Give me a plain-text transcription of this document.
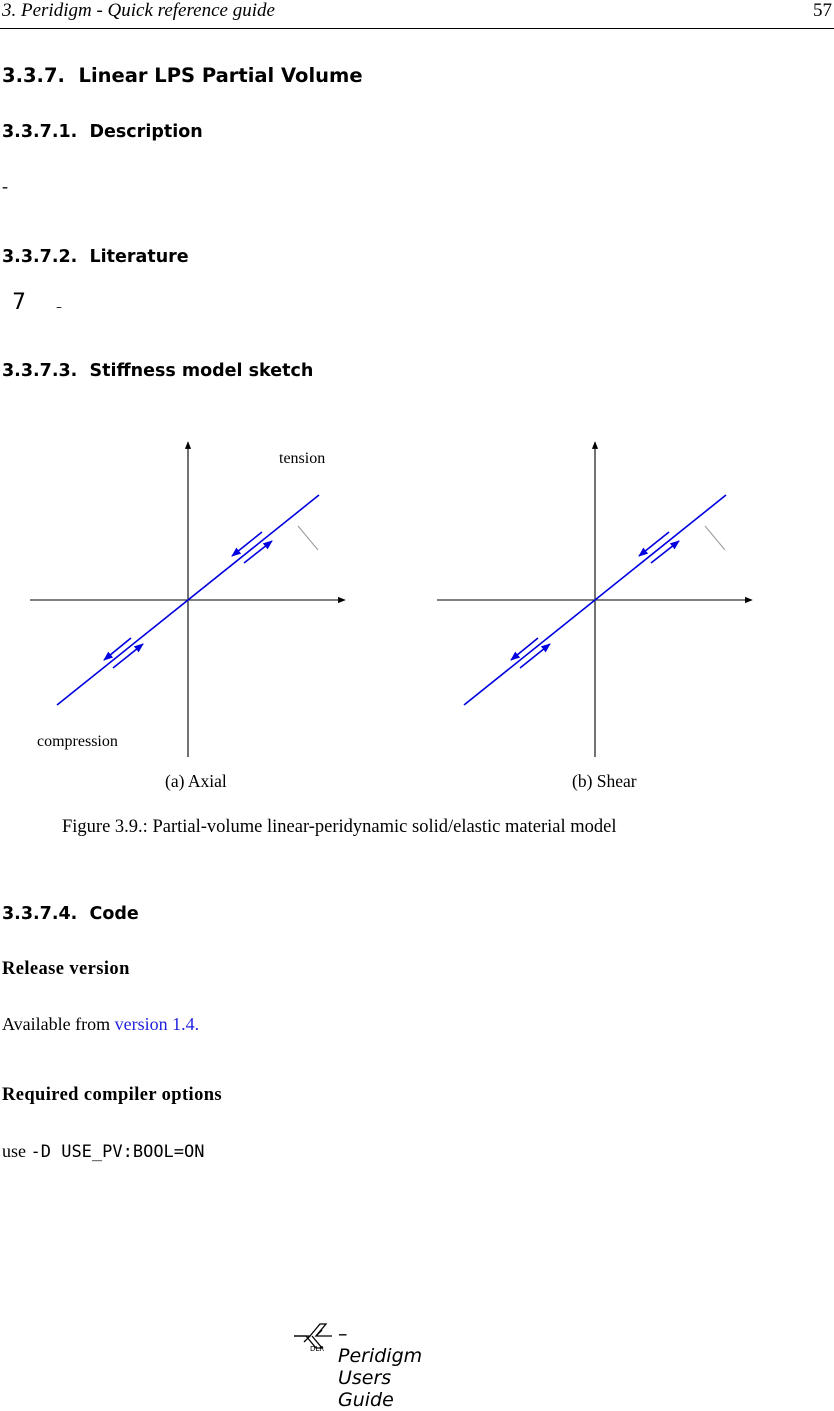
3. Peridigm - Quick reference guide	57
3.3.7. Linear LPS Partial Volume
3.3.7.1. Description
-
3.3.7.2. Literature
7 -
3.3.7.3. Stiffness model sketch
tension
compression
(a) Axial	(b) Shear
Figure 3.9.: Partial-volume linear-peridynamic solid/elastic material model
3.3.7.4. Code
Release version
Available from version 1.4.
Required compiler options
use -D USE_PV:BOOL=ON
DLR
– Peridigm Users Guide
